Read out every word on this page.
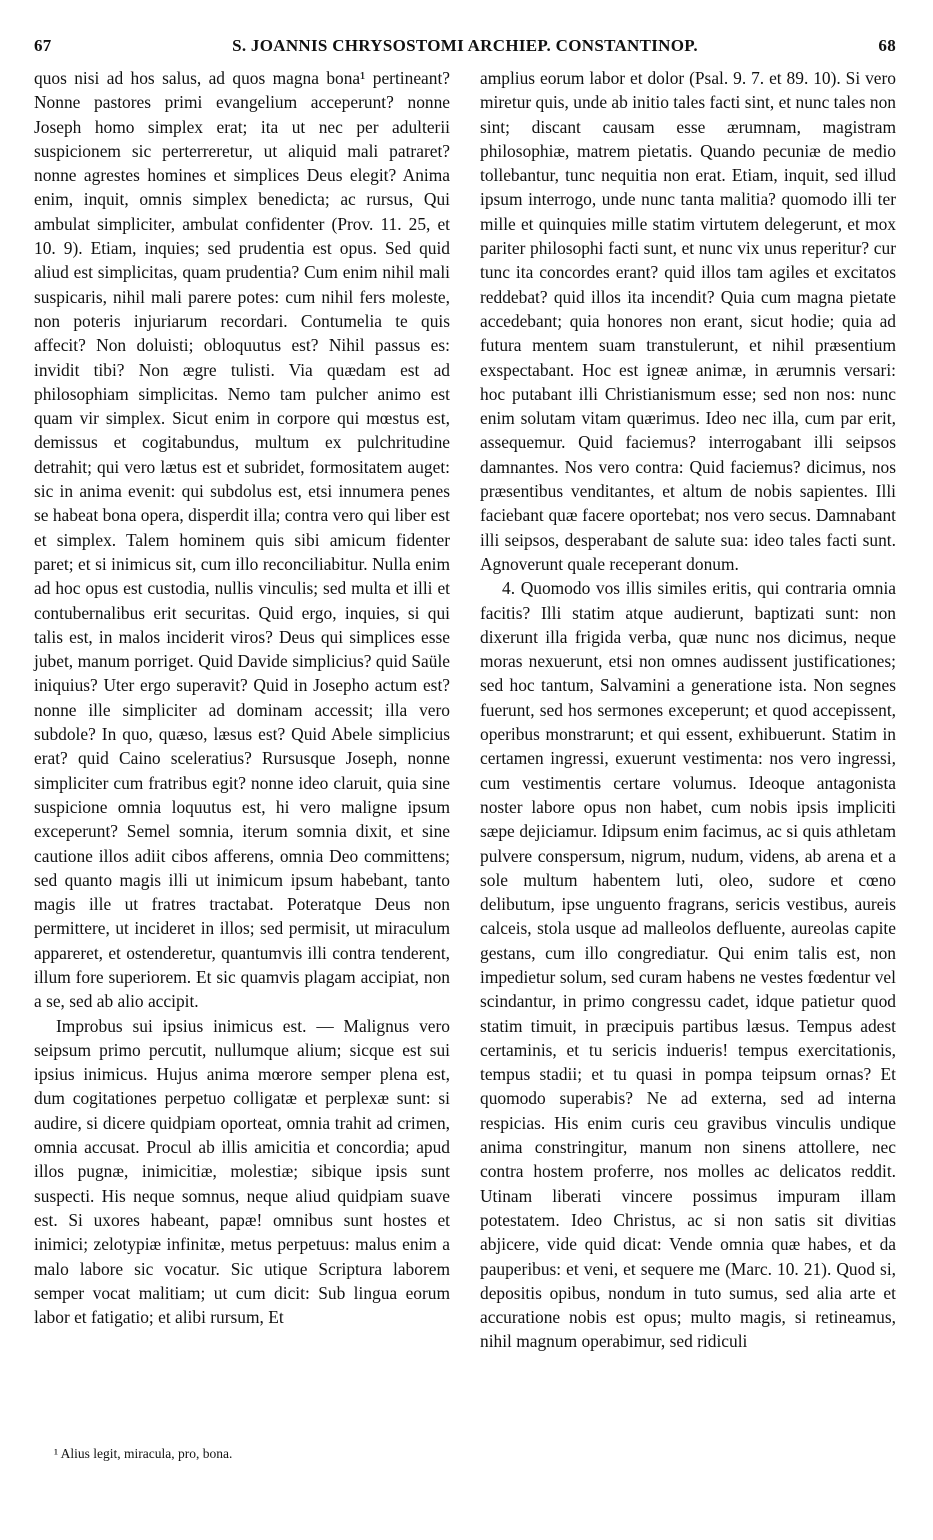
67	S. JOANNIS CHRYSOSTOMI ARCHIEP. CONSTANTINOP.	68

quos nisi ad hos salus, ad quos magna bona¹ pertineant? Nonne pastores primi evangelium acceperunt? nonne Joseph homo simplex erat; ita ut nec per adulterii suspicionem sic perterreretur, ut aliquid mali patraret? nonne agrestes homines et simplices Deus elegit? Anima enim, inquit, omnis simplex benedicta; ac rursus, Qui ambulat simpliciter, ambulat confidenter (Prov. 11. 25, et 10. 9). Etiam, inquies; sed prudentia est opus. Sed quid aliud est simplicitas, quam prudentia? Cum enim nihil mali suspicaris, nihil mali parere potes: cum nihil fers moleste, non poteris injuriarum recordari. Contumelia te quis affecit? Non doluisti; obloquutus est? Nihil passus es: invidit tibi? Non ægre tulisti. Via quædam est ad philosophiam simplicitas. Nemo tam pulcher animo est quam vir simplex. Sicut enim in corpore qui mœstus est, demissus et cogitabundus, multum ex pulchritudine detrahit; qui vero lætus est et subridet, formositatem auget: sic in anima evenit: qui subdolus est, etsi innumera penes se habeat bona opera, disperdit illa; contra vero qui liber est et simplex. Talem hominem quis sibi amicum fidenter paret; et si inimicus sit, cum illo reconciliabitur. Nulla enim ad hoc opus est custodia, nullis vinculis; sed multa et illi et contubernalibus erit securitas. Quid ergo, inquies, si qui talis est, in malos inciderit viros? Deus qui simplices esse jubet, manum porriget. Quid Davide simplicius? quid Saüle iniquius? Uter ergo superavit? Quid in Josepho actum est? nonne ille simpliciter ad dominam accessit; illa vero subdole? In quo, quæso, læsus est? Quid Abele simplicius erat? quid Caino sceleratius? Rursusque Joseph, nonne simpliciter cum fratribus egit? nonne ideo claruit, quia sine suspicione omnia loquutus est, hi vero maligne ipsum exceperunt? Semel somnia, iterum somnia dixit, et sine cautione illos adiit cibos afferens, omnia Deo committens; sed quanto magis illi ut inimicum ipsum habebant, tanto magis ille ut fratres tractabat. Poteratque Deus non permittere, ut incideret in illos; sed permisit, ut miraculum appareret, et ostenderetur, quantumvis illi contra tenderent, illum fore superiorem. Et sic quamvis plagam accipiat, non a se, sed ab alio accipit.

Improbus sui ipsius inimicus est. — Malignus vero seipsum primo percutit, nullumque alium; sicque est sui ipsius inimicus. Hujus anima mœrore semper plena est, dum cogitationes perpetuo colligatæ et perplexæ sunt: si audire, si dicere quidpiam oporteat, omnia trahit ad crimen, omnia accusat. Procul ab illis amicitia et concordia; apud illos pugnæ, inimicitiæ, molestiæ; sibique ipsis sunt suspecti. His neque somnus, neque aliud quidpiam suave est. Si uxores habeant, papæ! omnibus sunt hostes et inimici; zelotypiæ infinitæ, metus perpetuus: malus enim a malo labore sic vocatur. Sic utique Scriptura laborem semper vocat malitiam; ut cum dicit: Sub lingua eorum labor et fatigatio; et alibi rursum, Et

amplius eorum labor et dolor (Psal. 9. 7. et 89. 10). Si vero miretur quis, unde ab initio tales facti sint, et nunc tales non sint; discant causam esse ærumnam, magistram philosophiæ, matrem pietatis. Quando pecuniæ de medio tollebantur, tunc nequitia non erat. Etiam, inquit, sed illud ipsum interrogo, unde nunc tanta malitia? quomodo illi ter mille et quinquies mille statim virtutem delegerunt, et mox pariter philosophi facti sunt, et nunc vix unus reperitur? cur tunc ita concordes erant? quid illos tam agiles et excitatos reddebat? quid illos ita incendit? Quia cum magna pietate accedebant; quia honores non erant, sicut hodie; quia ad futura mentem suam transtulerunt, et nihil præsentium exspectabant. Hoc est igneæ animæ, in ærumnis versari: hoc putabant illi Christianismum esse; sed non nos: nunc enim solutam vitam quærimus. Ideo nec illa, cum par erit, assequemur. Quid faciemus? interrogabant illi seipsos damnantes. Nos vero contra: Quid faciemus? dicimus, nos præsentibus venditantes, et altum de nobis sapientes. Illi faciebant quæ facere oportebat; nos vero secus. Damnabant illi seipsos, desperabant de salute sua: ideo tales facti sunt. Agnoverunt quale receperant donum.

4. Quomodo vos illis similes eritis, qui contraria omnia facitis? Illi statim atque audierunt, baptizati sunt: non dixerunt illa frigida verba, quæ nunc nos dicimus, neque moras nexuerunt, etsi non omnes audissent justificationes; sed hoc tantum, Salvamini a generatione ista. Non segnes fuerunt, sed hos sermones exceperunt; et quod accepissent, operibus monstrarunt; et qui essent, exhibuerunt. Statim in certamen ingressi, exuerunt vestimenta: nos vero ingressi, cum vestimentis certare volumus. Ideoque antagonista noster labore opus non habet, cum nobis ipsis impliciti sæpe dejiciamur. Idipsum enim facimus, ac si quis athletam pulvere conspersum, nigrum, nudum, videns, ab arena et a sole multum habentem luti, oleo, sudore et cœno delibutum, ipse unguento fragrans, sericis vestibus, aureis calceis, stola usque ad malleolos defluente, aureolas capite gestans, cum illo congrediatur. Qui enim talis est, non impedietur solum, sed curam habens ne vestes fœdentur vel scindantur, in primo congressu cadet, idque patietur quod statim timuit, in præcipuis partibus læsus. Tempus adest certaminis, et tu sericis indueris! tempus exercitationis, tempus stadii; et tu quasi in pompa teipsum ornas? Et quomodo superabis? Ne ad externa, sed ad interna respicias. His enim curis ceu gravibus vinculis undique anima constringitur, manum non sinens attollere, nec contra hostem proferre, nos molles ac delicatos reddit. Utinam liberati vincere possimus impuram illam potestatem. Ideo Christus, ac si non satis sit divitias abjicere, vide quid dicat: Vende omnia quæ habes, et da pauperibus: et veni, et sequere me (Marc. 10. 21). Quod si, depositis opibus, nondum in tuto sumus, sed alia arte et accuratione nobis est opus; multo magis, si retineamus, nihil magnum operabimur, sed ridiculi

¹ Alius legit, miracula, pro, bona.
